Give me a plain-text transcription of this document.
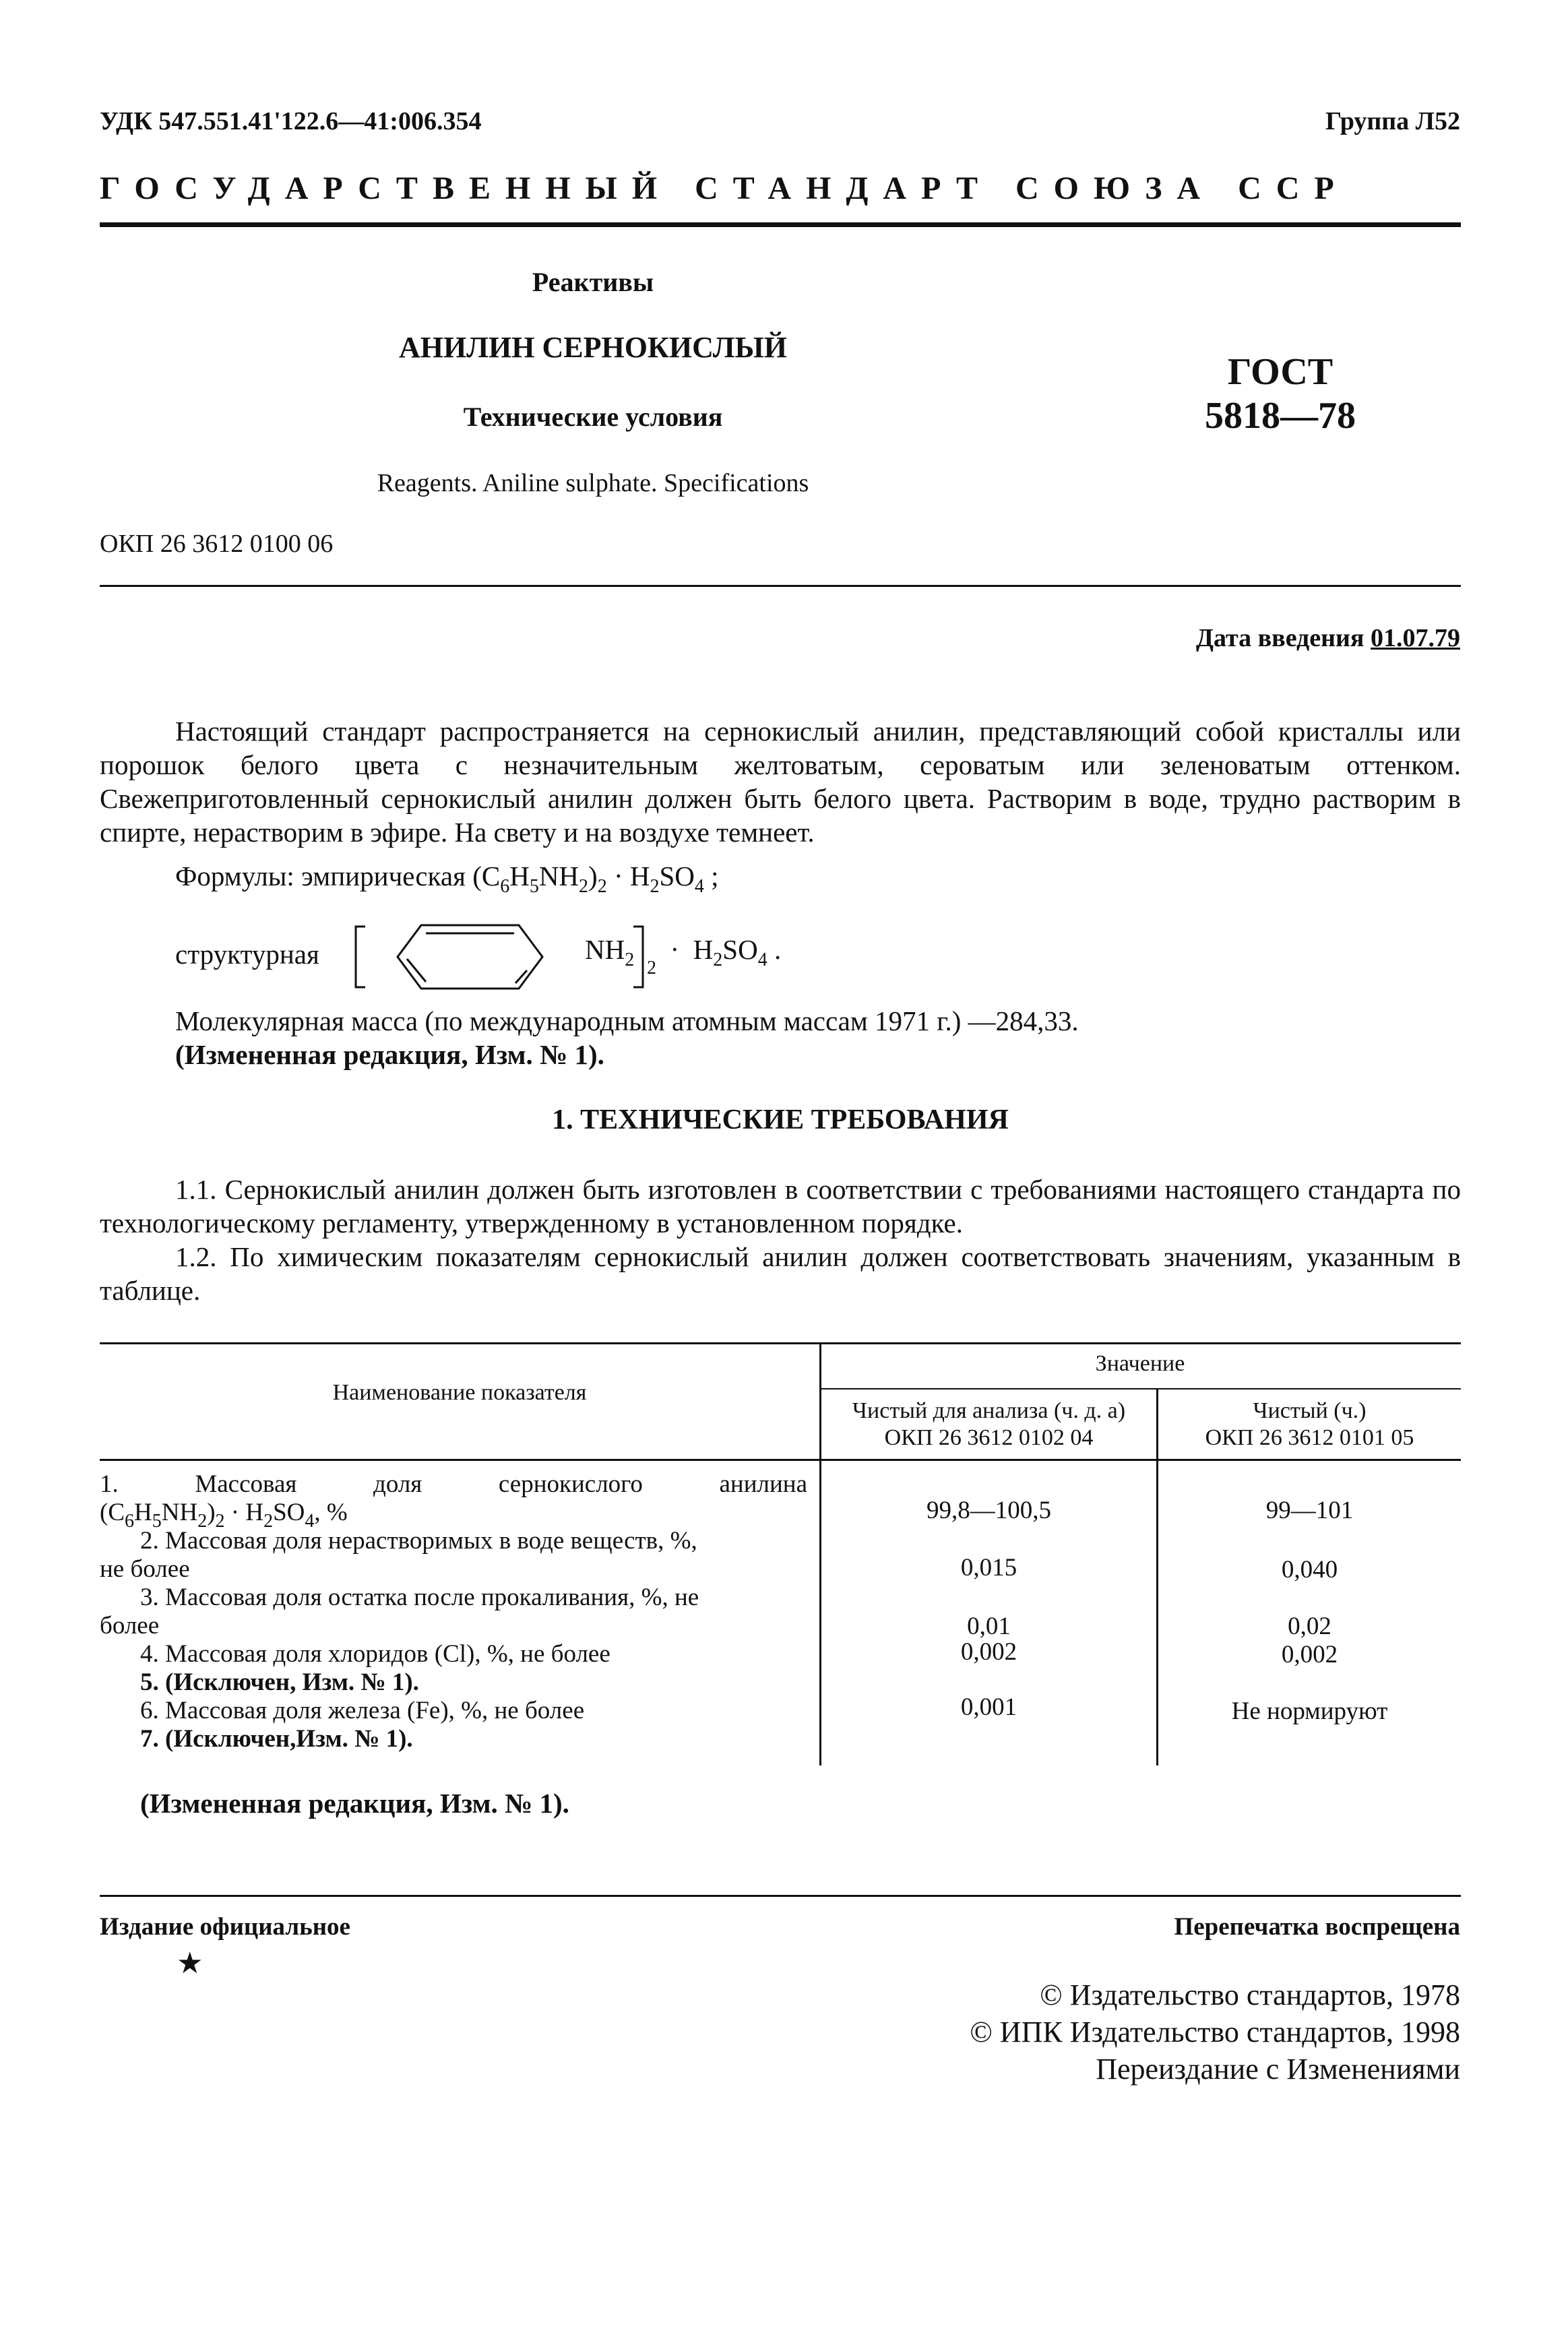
УДК 547.551.41'122.6—41:006.354	Группа Л52
ГОСУДАРСТВЕННЫЙ СТАНДАРТ СОЮЗА ССР
Реактивы
АНИЛИН СЕРНОКИСЛЫЙ
Технические условия
ГОСТ
5818—78
Reagents. Aniline sulphate. Specifications
ОКП 26 3612 0100 06
Дата введения 01.07.79
Настоящий стандарт распространяется на сернокислый анилин, представляющий собой кристаллы или порошок белого цвета с незначительным желтоватым, сероватым или зеленоватым оттенком. Свежеприготовленный сернокислый анилин должен быть белого цвета. Растворим в воде, трудно растворим в спирте, нерастворим в эфире. На свету и на воздухе темнеет.
Формулы: эмпирическая $(C_6H_5NH_2)_2 \cdot H_2SO_4$ ;
структурная	$NH_2$ $_2 \cdot H_2SO_4$ .
Молекулярная масса (по международным атомным массам 1971 г.) —284,33.
(Измененная редакция, Изм. № 1).
1. ТЕХНИЧЕСКИЕ ТРЕБОВАНИЯ
1.1. Сернокислый анилин должен быть изготовлен в соответствии с требованиями настоящего стандарта по технологическому регламенту, утвержденному в установленном порядке.
1.2. По химическим показателям сернокислый анилин должен соответствовать значениям, указанным в таблице.
Наименование показателя
Значение
Чистый для анализа (ч. д. а)
ОКП 26 3612 0102 04
Чистый (ч.)
ОКП 26 3612 0101 05
1. Массовая доля сернокислого анилина
$(C_6H_5NH_2)_2 \cdot H_2SO_4$, %	99,8—100,5	99—101
2. Массовая доля нерастворимых в воде веществ, %,
не более	0,015	0,040
3. Массовая доля остатка после прокаливания, %, не
более	0,01	0,02
4. Массовая доля хлоридов (Cl), %, не более	0,002	0,002
5. (Исключен, Изм. № 1).
6. Массовая доля железа (Fe), %, не более	0,001	Не нормируют
7. (Исключен,Изм. № 1).
(Измененная редакция, Изм. № 1).
Издание официальное
★
Перепечатка воспрещена
© Издательство стандартов, 1978
© ИПК Издательство стандартов, 1998
Переиздание с Изменениями
